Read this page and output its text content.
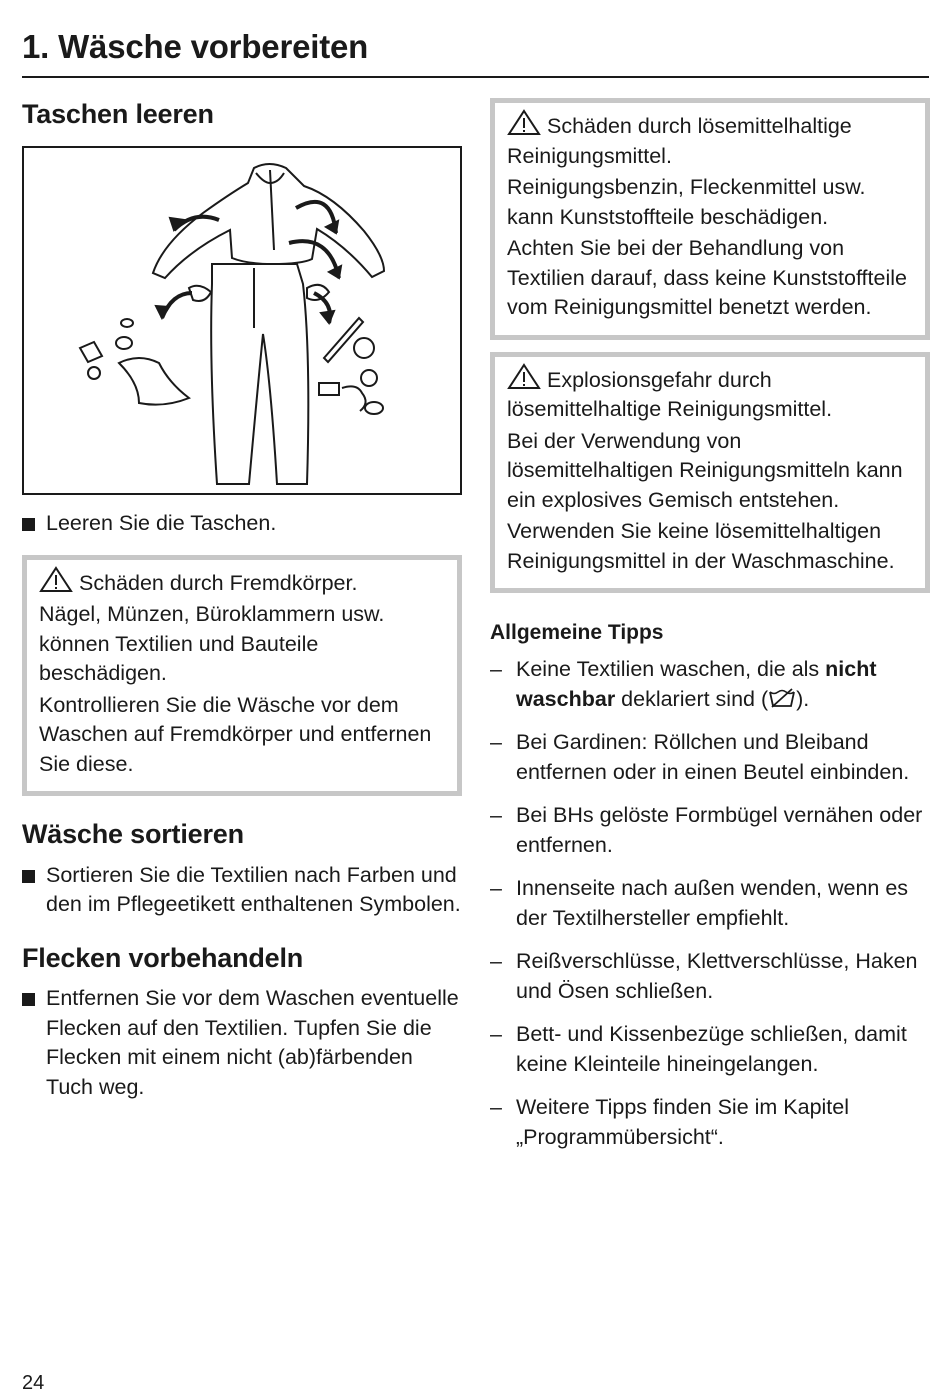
1. Wäsche vorbereiten
Taschen leeren
Leeren Sie die Taschen.

Schäden durch Fremdkörper.

Nägel, Münzen, Büroklammern usw. können Textilien und Bauteile beschädigen.

Kontrollieren Sie die Wäsche vor dem Waschen auf Fremdkörper und entfernen Sie diese.

Wäsche sortieren
Sortieren Sie die Textilien nach Farben und den im Pflegeetikett enthaltenen Symbolen.
Flecken vorbehandeln
Entfernen Sie vor dem Waschen eventuelle Flecken auf den Textilien. Tupfen Sie die Flecken mit einem nicht (ab)färbenden Tuch weg.

Schäden durch lösemittelhaltige Reinigungsmittel.

Reinigungsbenzin, Fleckenmittel usw. kann Kunststoffteile beschädigen.

Achten Sie bei der Behandlung von Textilien darauf, dass keine Kunststoffteile vom Reinigungsmittel benetzt werden.

Explosionsgefahr durch lösemittelhaltige Reinigungsmittel.

Bei der Verwendung von lösemittelhaltigen Reinigungsmitteln kann ein explosives Gemisch entstehen.

Verwenden Sie keine lösemittelhaltigen Reinigungsmittel in der Waschmaschine.

Allgemeine Tipps
– Keine Textilien waschen, die als nicht waschbar deklariert sind ( ).
– Bei Gardinen: Röllchen und Bleiband entfernen oder in einen Beutel einbinden.
– Bei BHs gelöste Formbügel vernähen oder entfernen.
– Innenseite nach außen wenden, wenn es der Textilhersteller empfiehlt.
– Reißverschlüsse, Klettverschlüsse, Haken und Ösen schließen.
– Bett- und Kissenbezüge schließen, damit keine Kleinteile hineingelangen.
– Weitere Tipps finden Sie im Kapitel „Programmübersicht“.
24
